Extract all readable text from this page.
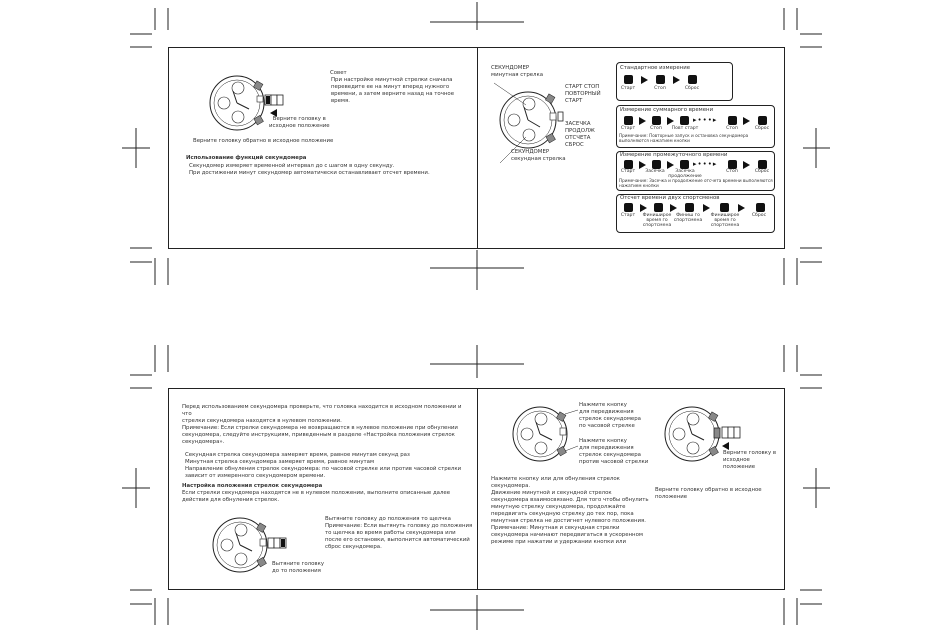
Верните головку в
исходное положение
Верните головку обратно в исходное положение
Совет
При настройке минутной стрелки сначала
переведите ее на минут вперед нужного
времени, а затем верните назад на точное
время.
Использование функций секундомера
Секундомер измеряет временной интервал до с шагом в одну секунду.
При достижении минут секундомер автоматически останавливает отсчет времени.
СЕКУНДОМЕР
минутная стрелка
СТАРТ СТОП
ПОВТОРНЫЙ
СТАРТ
ЗАСЕЧКА
ПРОДОЛЖ
ОТСЧЕТА
СБРОС
СЕКУНДОМЕР
секундная стрелка
Стандартное измерение
Старт	Стоп	Сброс
Измерение суммарного времени
▸•••▸
Старт	Стоп	Повт старт	Стоп	Сброс
Примечание: Повторные запуск и остановка секундомера
выполняются нажатием кнопки
Измерение промежуточного времени
▸•••▸
Старт	Засечка	Засечка
продолжение
Стоп	Сброс
Примечание: Засечка и продолжение отсчета времени выполняются
нажатием кнопки
Отсчет времени двух спортсменов
Старт	Финиширое
время го
спортсмена
Финиш го
спортсмена
Финиширое
время го
спортсмена
Сброс
Перед использованием секундомера проверьте, что головка находится в исходном положении и
что
стрелки секундомера находятся в нулевом положении.
Примечание: Если стрелки секундомера не возвращаются в нулевое положение при обнулении
секундомера, следуйте инструкциям, приведенным в разделе «Настройка положения стрелок
секундомера».
Секундная стрелка секундомера замеряет время, равное минутам секунд раз
Минутная стрелка секундомера замеряет время, равное минутам
Направление обнуления стрелок секундомера: по часовой стрелке или против часовой стрелки
зависит от измеренного секундомером времени.
Настройка положения стрелок секундомера
Если стрелки секундомера находятся не в нулевом положении, выполните описанные далее
действия для обнуления стрелок.
Вытяните головку до положения то щелчка
Примечание: Если вытянуть головку до положения
то щелчка во время работы секундомера или
после его остановки, выполнится автоматический
сброс секундомера.
Вытяните головку
до то положения
Нажмите кнопку
для передвижения
стрелок секундомера
по часовой стрелке
Нажмите кнопку
для передвижения
стрелок секундомера
против часовой стрелки
Нажмите кнопку или для обнуления стрелок
секундомера.
Движение минутной и секундной стрелок
секундомера взаимосвязано. Для того чтобы обнулить
минутную стрелку секундомера, продолжайте
передвигать секундную стрелку до тех пор, пока
минутная стрелка не достигнет нулевого положения.
Примечание: Минутная и секундная стрелки
секундомера начинают передвигаться в ускоренном
режиме при нажатии и удержании кнопки или
Верните головку в
исходное
положение
Верните головку обратно в исходное
положение
